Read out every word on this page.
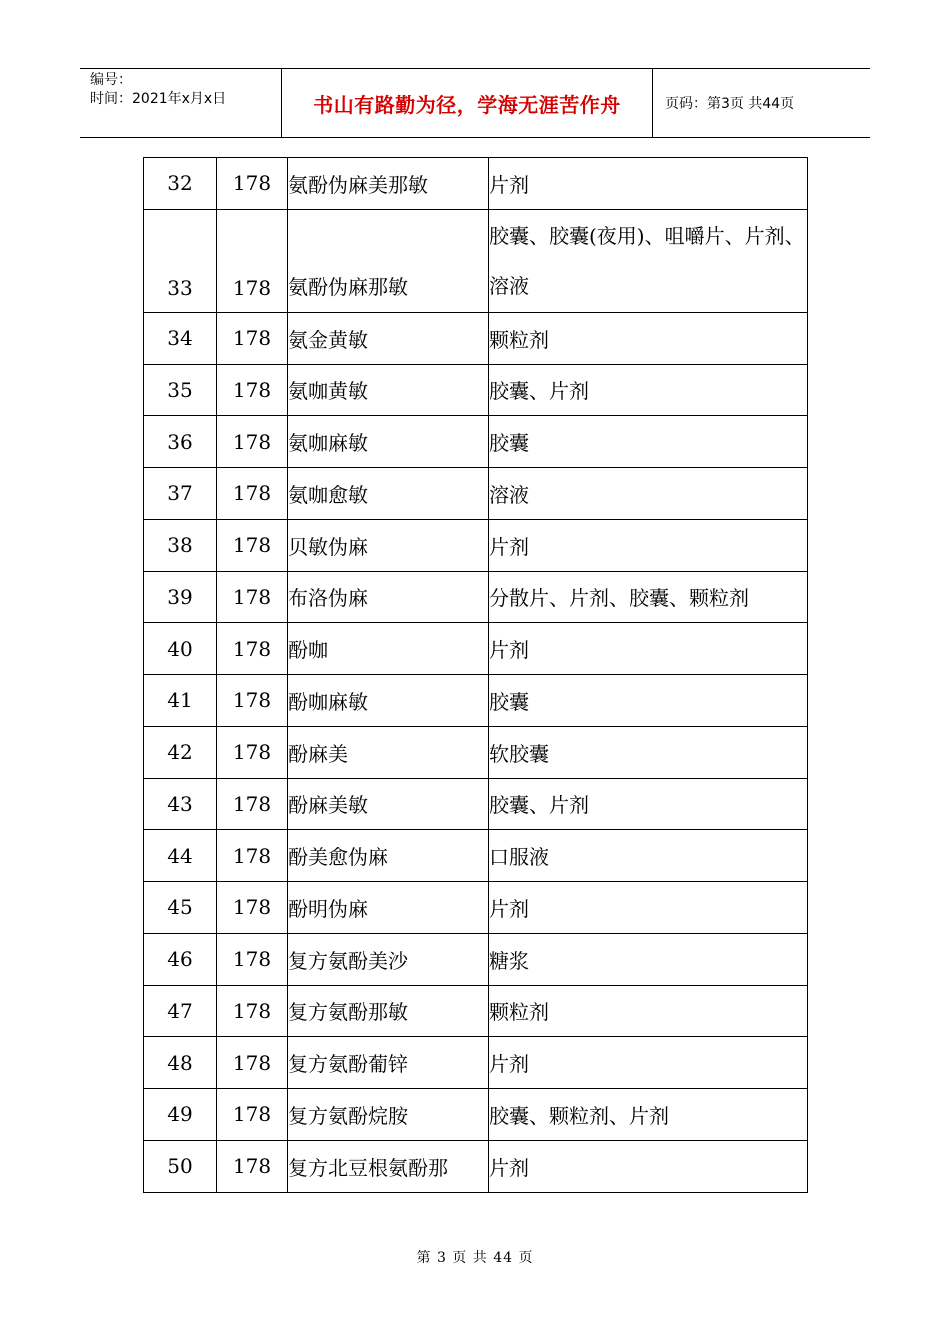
编号：
时间：2021年x月x日	书山有路勤为径，学海无涯苦作舟	页码：第3页 共44页
32	178	氨酚伪麻美那敏	片剂
33	178	氨酚伪麻那敏	胶囊、胶囊(夜用)、咀嚼片、片剂、溶液
34	178	氨金黄敏	颗粒剂
35	178	氨咖黄敏	胶囊、片剂
36	178	氨咖麻敏	胶囊
37	178	氨咖愈敏	溶液
38	178	贝敏伪麻	片剂
39	178	布洛伪麻	分散片、片剂、胶囊、颗粒剂
40	178	酚咖	片剂
41	178	酚咖麻敏	胶囊
42	178	酚麻美	软胶囊
43	178	酚麻美敏	胶囊、片剂
44	178	酚美愈伪麻	口服液
45	178	酚明伪麻	片剂
46	178	复方氨酚美沙	糖浆
47	178	复方氨酚那敏	颗粒剂
48	178	复方氨酚葡锌	片剂
49	178	复方氨酚烷胺	胶囊、颗粒剂、片剂
50	178	复方北豆根氨酚那	片剂
第 3 页 共 44 页
